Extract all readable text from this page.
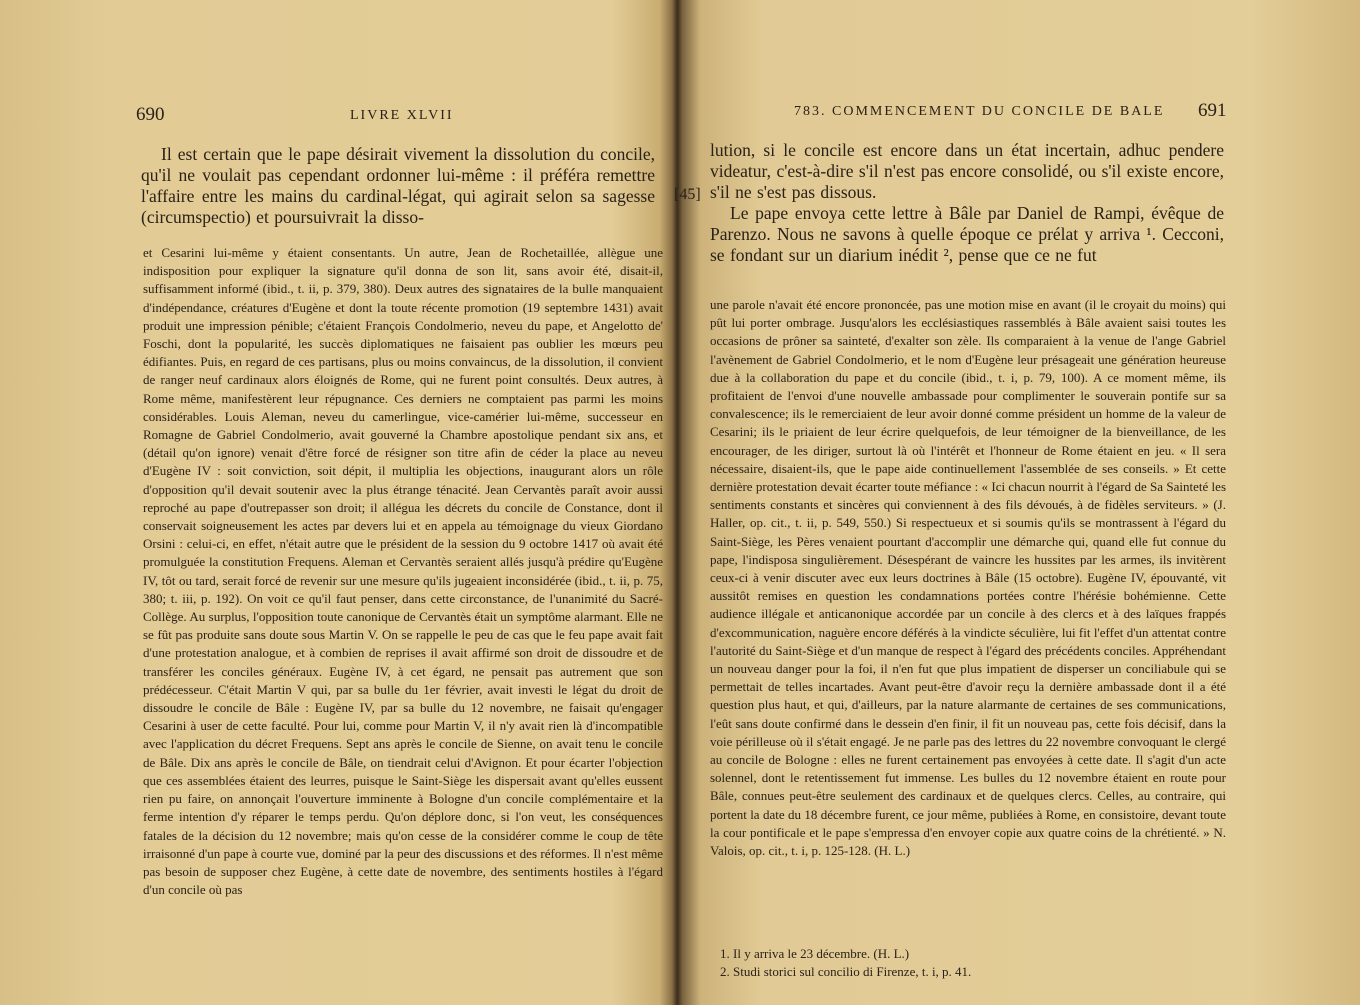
690	LIVRE XLVII

Il est certain que le pape désirait vivement la dissolution du concile, qu'il ne voulait pas cependant ordonner lui-même : il préféra remettre l'affaire entre les mains du cardinal-légat, qui agirait selon sa sagesse (circumspectio) et poursuivrait la disso-

et Cesarini lui-même y étaient consentants. Un autre, Jean de Rochetaillée, allègue une indisposition pour expliquer la signature qu'il donna de son lit, sans avoir été, disait-il, suffisamment informé (ibid., t. ii, p. 379, 380). Deux autres des signataires de la bulle manquaient d'indépendance, créatures d'Eugène et dont la toute récente promotion (19 septembre 1431) avait produit une impression pénible; c'étaient François Condolmerio, neveu du pape, et Angelotto de' Foschi, dont la popularité, les succès diplomatiques ne faisaient pas oublier les mœurs peu édifiantes. Puis, en regard de ces partisans, plus ou moins convaincus, de la dissolution, il convient de ranger neuf cardinaux alors éloignés de Rome, qui ne furent point consultés. Deux autres, à Rome même, manifestèrent leur répugnance. Ces derniers ne comptaient pas parmi les moins considérables. Louis Aleman, neveu du camerlingue, vice-camérier lui-même, successeur en Romagne de Gabriel Condolmerio, avait gouverné la Chambre apostolique pendant six ans, et (détail qu'on ignore) venait d'être forcé de résigner son titre afin de céder la place au neveu d'Eugène IV : soit conviction, soit dépit, il multiplia les objections, inaugurant alors un rôle d'opposition qu'il devait soutenir avec la plus étrange ténacité. Jean Cervantès paraît avoir aussi reproché au pape d'outrepasser son droit; il allégua les décrets du concile de Constance, dont il conservait soigneusement les actes par devers lui et en appela au témoignage du vieux Giordano Orsini : celui-ci, en effet, n'était autre que le président de la session du 9 octobre 1417 où avait été promulguée la constitution Frequens. Aleman et Cervantès seraient allés jusqu'à prédire qu'Eugène IV, tôt ou tard, serait forcé de revenir sur une mesure qu'ils jugeaient inconsidérée (ibid., t. ii, p. 75, 380; t. iii, p. 192). On voit ce qu'il faut penser, dans cette circonstance, de l'unanimité du Sacré-Collège. Au surplus, l'opposition toute canonique de Cervantès était un symptôme alarmant. Elle ne se fût pas produite sans doute sous Martin V. On se rappelle le peu de cas que le feu pape avait fait d'une protestation analogue, et à combien de reprises il avait affirmé son droit de dissoudre et de transférer les conciles généraux. Eugène IV, à cet égard, ne pensait pas autrement que son prédécesseur. C'était Martin V qui, par sa bulle du 1er février, avait investi le légat du droit de dissoudre le concile de Bâle : Eugène IV, par sa bulle du 12 novembre, ne faisait qu'engager Cesarini à user de cette faculté. Pour lui, comme pour Martin V, il n'y avait rien là d'incompatible avec l'application du décret Frequens. Sept ans après le concile de Sienne, on avait tenu le concile de Bâle. Dix ans après le concile de Bâle, on tiendrait celui d'Avignon. Et pour écarter l'objection que ces assemblées étaient des leurres, puisque le Saint-Siège les dispersait avant qu'elles eussent rien pu faire, on annonçait l'ouverture imminente à Bologne d'un concile complémentaire et la ferme intention d'y réparer le temps perdu. Qu'on déplore donc, si l'on veut, les conséquences fatales de la décision du 12 novembre; mais qu'on cesse de la considérer comme le coup de tête irraisonné d'un pape à courte vue, dominé par la peur des discussions et des réformes. Il n'est même pas besoin de supposer chez Eugène, à cette date de novembre, des sentiments hostiles à l'égard d'un concile où pas

783. COMMENCEMENT DU CONCILE DE BALE 691
[45]

lution, si le concile est encore dans un état incertain, adhuc pendere videatur, c'est-à-dire s'il n'est pas encore consolidé, ou s'il existe encore, s'il ne s'est pas dissous.

Le pape envoya cette lettre à Bâle par Daniel de Rampi, évêque de Parenzo. Nous ne savons à quelle époque ce prélat y arriva ¹. Cecconi, se fondant sur un diarium inédit ², pense que ce ne fut

une parole n'avait été encore prononcée, pas une motion mise en avant (il le croyait du moins) qui pût lui porter ombrage. Jusqu'alors les ecclésiastiques rassemblés à Bâle avaient saisi toutes les occasions de prôner sa sainteté, d'exalter son zèle. Ils comparaient à la venue de l'ange Gabriel l'avènement de Gabriel Condolmerio, et le nom d'Eugène leur présageait une génération heureuse due à la collaboration du pape et du concile (ibid., t. i, p. 79, 100). A ce moment même, ils profitaient de l'envoi d'une nouvelle ambassade pour complimenter le souverain pontife sur sa convalescence; ils le remerciaient de leur avoir donné comme président un homme de la valeur de Cesarini; ils le priaient de leur écrire quelquefois, de leur témoigner de la bienveillance, de les encourager, de les diriger, surtout là où l'intérêt et l'honneur de Rome étaient en jeu. « Il sera nécessaire, disaient-ils, que le pape aide continuellement l'assemblée de ses conseils. » Et cette dernière protestation devait écarter toute méfiance : « Ici chacun nourrit à l'égard de Sa Sainteté les sentiments constants et sincères qui conviennent à des fils dévoués, à de fidèles serviteurs. » (J. Haller, op. cit., t. ii, p. 549, 550.) Si respectueux et si soumis qu'ils se montrassent à l'égard du Saint-Siège, les Pères venaient pourtant d'accomplir une démarche qui, quand elle fut connue du pape, l'indisposa singulièrement. Désespérant de vaincre les hussites par les armes, ils invitèrent ceux-ci à venir discuter avec eux leurs doctrines à Bâle (15 octobre). Eugène IV, épouvanté, vit aussitôt remises en question les condamnations portées contre l'hérésie bohémienne. Cette audience illégale et anticanonique accordée par un concile à des clercs et à des laïques frappés d'excommunication, naguère encore déférés à la vindicte séculière, lui fit l'effet d'un attentat contre l'autorité du Saint-Siège et d'un manque de respect à l'égard des précédents conciles. Appréhendant un nouveau danger pour la foi, il n'en fut que plus impatient de disperser un conciliabule qui se permettait de telles incartades. Avant peut-être d'avoir reçu la dernière ambassade dont il a été question plus haut, et qui, d'ailleurs, par la nature alarmante de certaines de ses communications, l'eût sans doute confirmé dans le dessein d'en finir, il fit un nouveau pas, cette fois décisif, dans la voie périlleuse où il s'était engagé. Je ne parle pas des lettres du 22 novembre convoquant le clergé au concile de Bologne : elles ne furent certainement pas envoyées à cette date. Il s'agit d'un acte solennel, dont le retentissement fut immense. Les bulles du 12 novembre étaient en route pour Bâle, connues peut-être seulement des cardinaux et de quelques clercs. Celles, au contraire, qui portent la date du 18 décembre furent, ce jour même, publiées à Rome, en consistoire, devant toute la cour pontificale et le pape s'empressa d'en envoyer copie aux quatre coins de la chrétienté. » N. Valois, op. cit., t. i, p. 125-128. (H. L.)

1. Il y arriva le 23 décembre. (H. L.)
2. Studi storici sul concilio di Firenze, t. i, p. 41.
